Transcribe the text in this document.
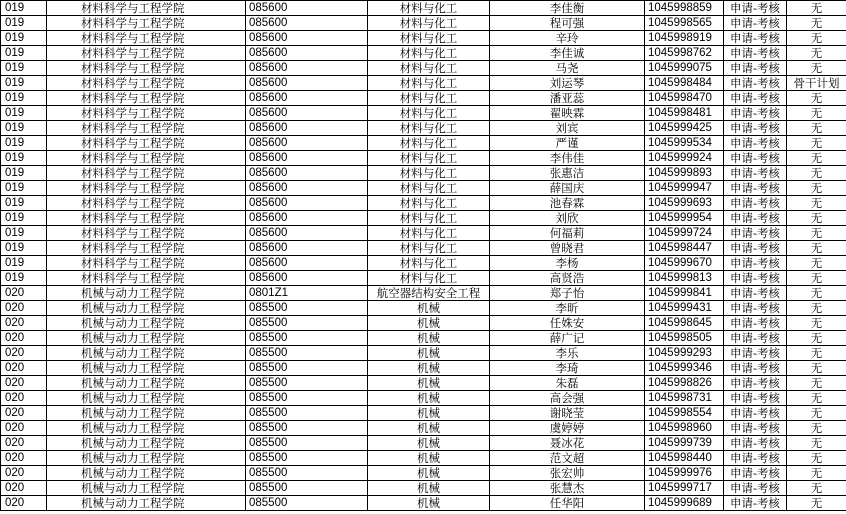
019	材料科学与工程学院	085600	材料与化工	李佳衡	1045998859	申请-考核	无
019	材料科学与工程学院	085600	材料与化工	程可强	1045998565	申请-考核	无
019	材料科学与工程学院	085600	材料与化工	辛玲	1045998919	申请-考核	无
019	材料科学与工程学院	085600	材料与化工	李佳诚	1045998762	申请-考核	无
019	材料科学与工程学院	085600	材料与化工	马尧	1045999075	申请-考核	无
019	材料科学与工程学院	085600	材料与化工	刘运琴	1045998484	申请-考核	骨干计划
019	材料科学与工程学院	085600	材料与化工	潘亚蕊	1045998470	申请-考核	无
019	材料科学与工程学院	085600	材料与化工	翟映霖	1045998481	申请-考核	无
019	材料科学与工程学院	085600	材料与化工	刘宾	1045999425	申请-考核	无
019	材料科学与工程学院	085600	材料与化工	严谨	1045999534	申请-考核	无
019	材料科学与工程学院	085600	材料与化工	李伟佳	1045999924	申请-考核	无
019	材料科学与工程学院	085600	材料与化工	张惠洁	1045999893	申请-考核	无
019	材料科学与工程学院	085600	材料与化工	薛国庆	1045999947	申请-考核	无
019	材料科学与工程学院	085600	材料与化工	池春霖	1045999693	申请-考核	无
019	材料科学与工程学院	085600	材料与化工	刘欣	1045999954	申请-考核	无
019	材料科学与工程学院	085600	材料与化工	何福莉	1045999724	申请-考核	无
019	材料科学与工程学院	085600	材料与化工	曾晓君	1045998447	申请-考核	无
019	材料科学与工程学院	085600	材料与化工	李杨	1045999670	申请-考核	无
019	材料科学与工程学院	085600	材料与化工	高贤浩	1045999813	申请-考核	无
020	机械与动力工程学院	0801Z1	航空器结构安全工程	郑子怡	1045999841	申请-考核	无
020	机械与动力工程学院	085500	机械	李昕	1045999431	申请-考核	无
020	机械与动力工程学院	085500	机械	任姝安	1045998645	申请-考核	无
020	机械与动力工程学院	085500	机械	薛广记	1045998505	申请-考核	无
020	机械与动力工程学院	085500	机械	李乐	1045999293	申请-考核	无
020	机械与动力工程学院	085500	机械	李琦	1045999346	申请-考核	无
020	机械与动力工程学院	085500	机械	朱磊	1045998826	申请-考核	无
020	机械与动力工程学院	085500	机械	高会强	1045998731	申请-考核	无
020	机械与动力工程学院	085500	机械	谢晓莹	1045998554	申请-考核	无
020	机械与动力工程学院	085500	机械	虞婷婷	1045998960	申请-考核	无
020	机械与动力工程学院	085500	机械	聂冰花	1045999739	申请-考核	无
020	机械与动力工程学院	085500	机械	范文超	1045998440	申请-考核	无
020	机械与动力工程学院	085500	机械	张宏帅	1045999976	申请-考核	无
020	机械与动力工程学院	085500	机械	张慧杰	1045999717	申请-考核	无
020	机械与动力工程学院	085500	机械	任华阳	1045999689	申请-考核	无
